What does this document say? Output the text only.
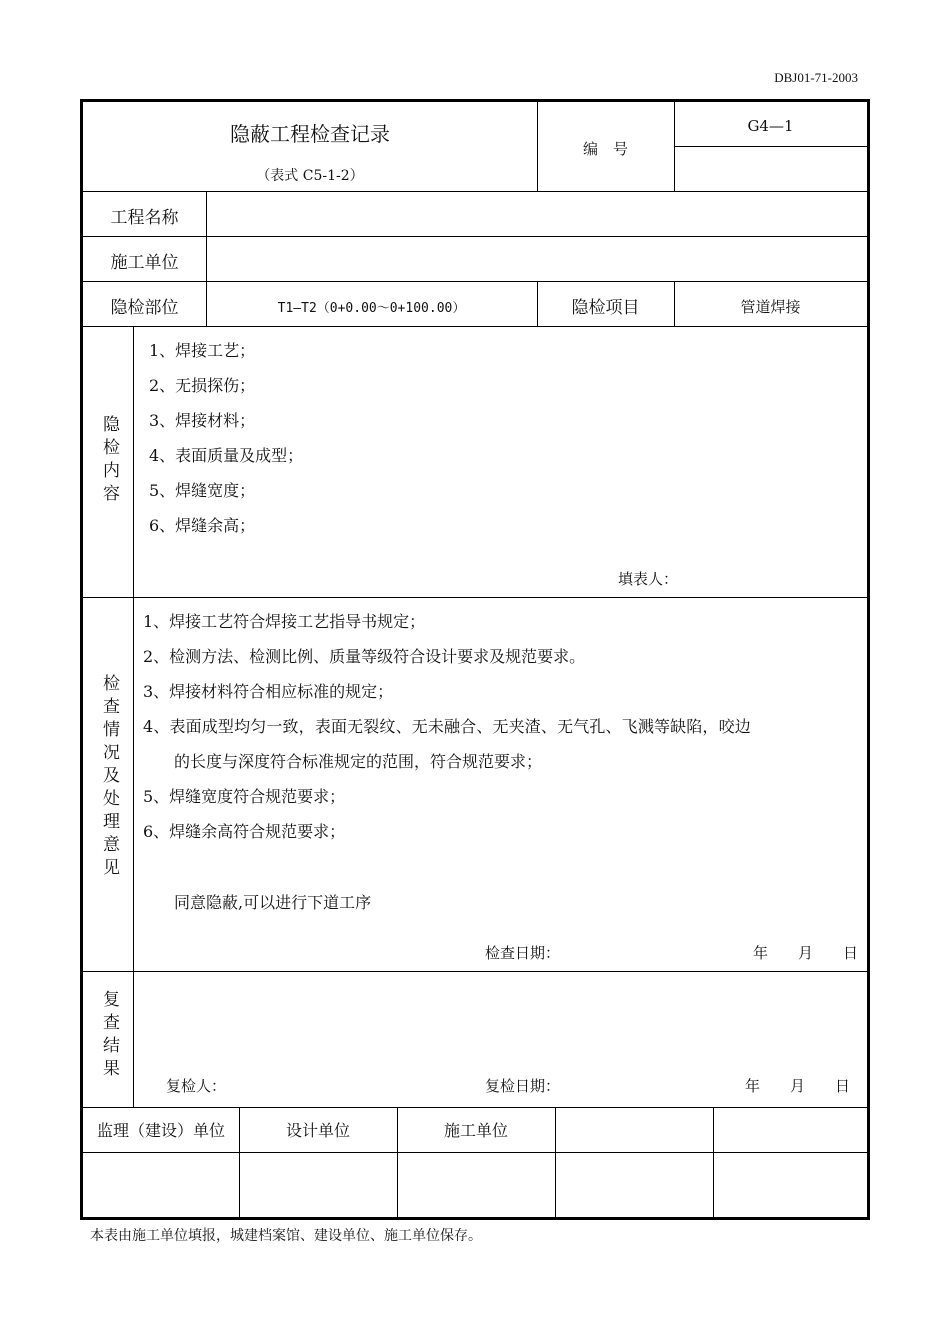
DBJ01-71-2003
隐蔽工程检查记录
（表式 C5-1-2）
编　号
G4—1
工程名称
施工单位
隐检部位	T1—T2（0+0.00～0+100.00）	隐检项目	管道焊接
隐检内容
1、焊接工艺；
2、无损探伤；
3、焊接材料；
4、表面质量及成型；
5、焊缝宽度；
6、焊缝余高；
填表人：
检查情况及处理意见
1、焊接工艺符合焊接工艺指导书规定；
2、检测方法、检测比例、质量等级符合设计要求及规范要求。
3、焊接材料符合相应标准的规定；
4、表面成型均匀一致，表面无裂纹、无未融合、无夹渣、无气孔、飞溅等缺陷，咬边
的长度与深度符合标准规定的范围，符合规范要求；
5、焊缝宽度符合规范要求；
6、焊缝余高符合规范要求；
同意隐蔽,可以进行下道工序
检查日期：	年　　月　　日
复查结果
复检人：	复检日期：	年　　月　　日
监理（建设）单位	设计单位	施工单位
本表由施工单位填报，城建档案馆、建设单位、施工单位保存。
